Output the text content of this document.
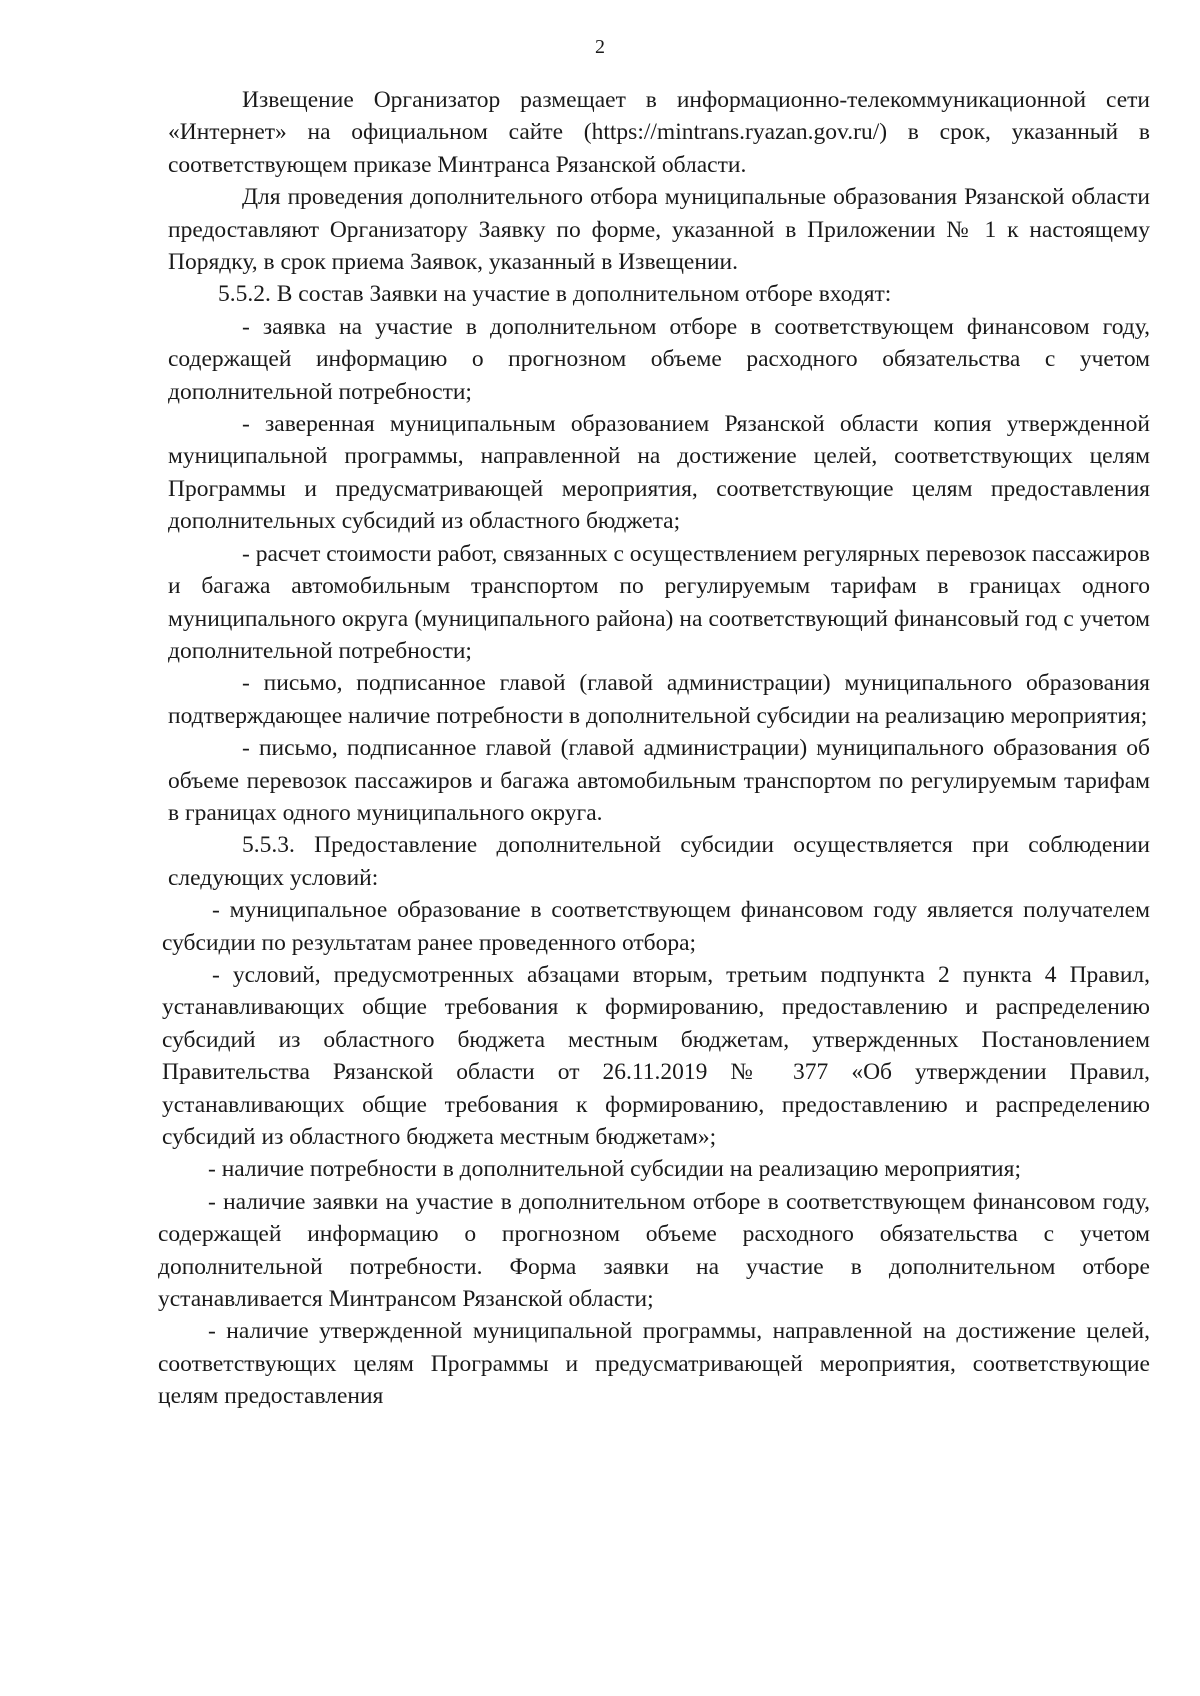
2

Извещение Организатор размещает в информационно-телекоммуникационной сети «Интернет» на официальном сайте (https://mintrans.ryazan.gov.ru/) в срок, указанный в соответствующем приказе Минтранса Рязанской области.

Для проведения дополнительного отбора муниципальные образования Рязанской области предоставляют Организатору Заявку по форме, указанной в Приложении № 1 к настоящему Порядку, в срок приема Заявок, указанный в Извещении.

5.5.2. В состав Заявки на участие в дополнительном отборе входят:

- заявка на участие в дополнительном отборе в соответствующем финансовом году, содержащей информацию о прогнозном объеме расходного обязательства с учетом дополнительной потребности;

- заверенная муниципальным образованием Рязанской области копия утвержденной муниципальной программы, направленной на достижение целей, соответствующих целям Программы и предусматривающей мероприятия, соответствующие целям предоставления дополнительных субсидий из областного бюджета;

- расчет стоимости работ, связанных с осуществлением регулярных перевозок пассажиров и багажа автомобильным транспортом по регулируемым тарифам в границах одного муниципального округа (муниципального района) на соответствующий финансовый год с учетом дополнительной потребности;

- письмо, подписанное главой (главой администрации) муниципального образования подтверждающее наличие потребности в дополнительной субсидии на реализацию мероприятия;

- письмо, подписанное главой (главой администрации) муниципального образования об объеме перевозок пассажиров и багажа автомобильным транспортом по регулируемым тарифам в границах одного муниципального округа.

5.5.3. Предоставление дополнительной субсидии осуществляется при соблюдении следующих условий:

- муниципальное образование в соответствующем финансовом году является получателем субсидии по результатам ранее проведенного отбора;

- условий, предусмотренных абзацами вторым, третьим подпункта 2 пункта 4 Правил, устанавливающих общие требования к формированию, предоставлению и распределению субсидий из областного бюджета местным бюджетам, утвержденных Постановлением Правительства Рязанской области от 26.11.2019 № 377 «Об утверждении Правил, устанавливающих общие требования к формированию, предоставлению и распределению субсидий из областного бюджета местным бюджетам»;

- наличие потребности в дополнительной субсидии на реализацию мероприятия;

- наличие заявки на участие в дополнительном отборе в соответствующем финансовом году, содержащей информацию о прогнозном объеме расходного обязательства с учетом дополнительной потребности. Форма заявки на участие в дополнительном отборе устанавливается Минтрансом Рязанской области;

- наличие утвержденной муниципальной программы, направленной на достижение целей, соответствующих целям Программы и предусматривающей мероприятия, соответствующие целям предоставления
